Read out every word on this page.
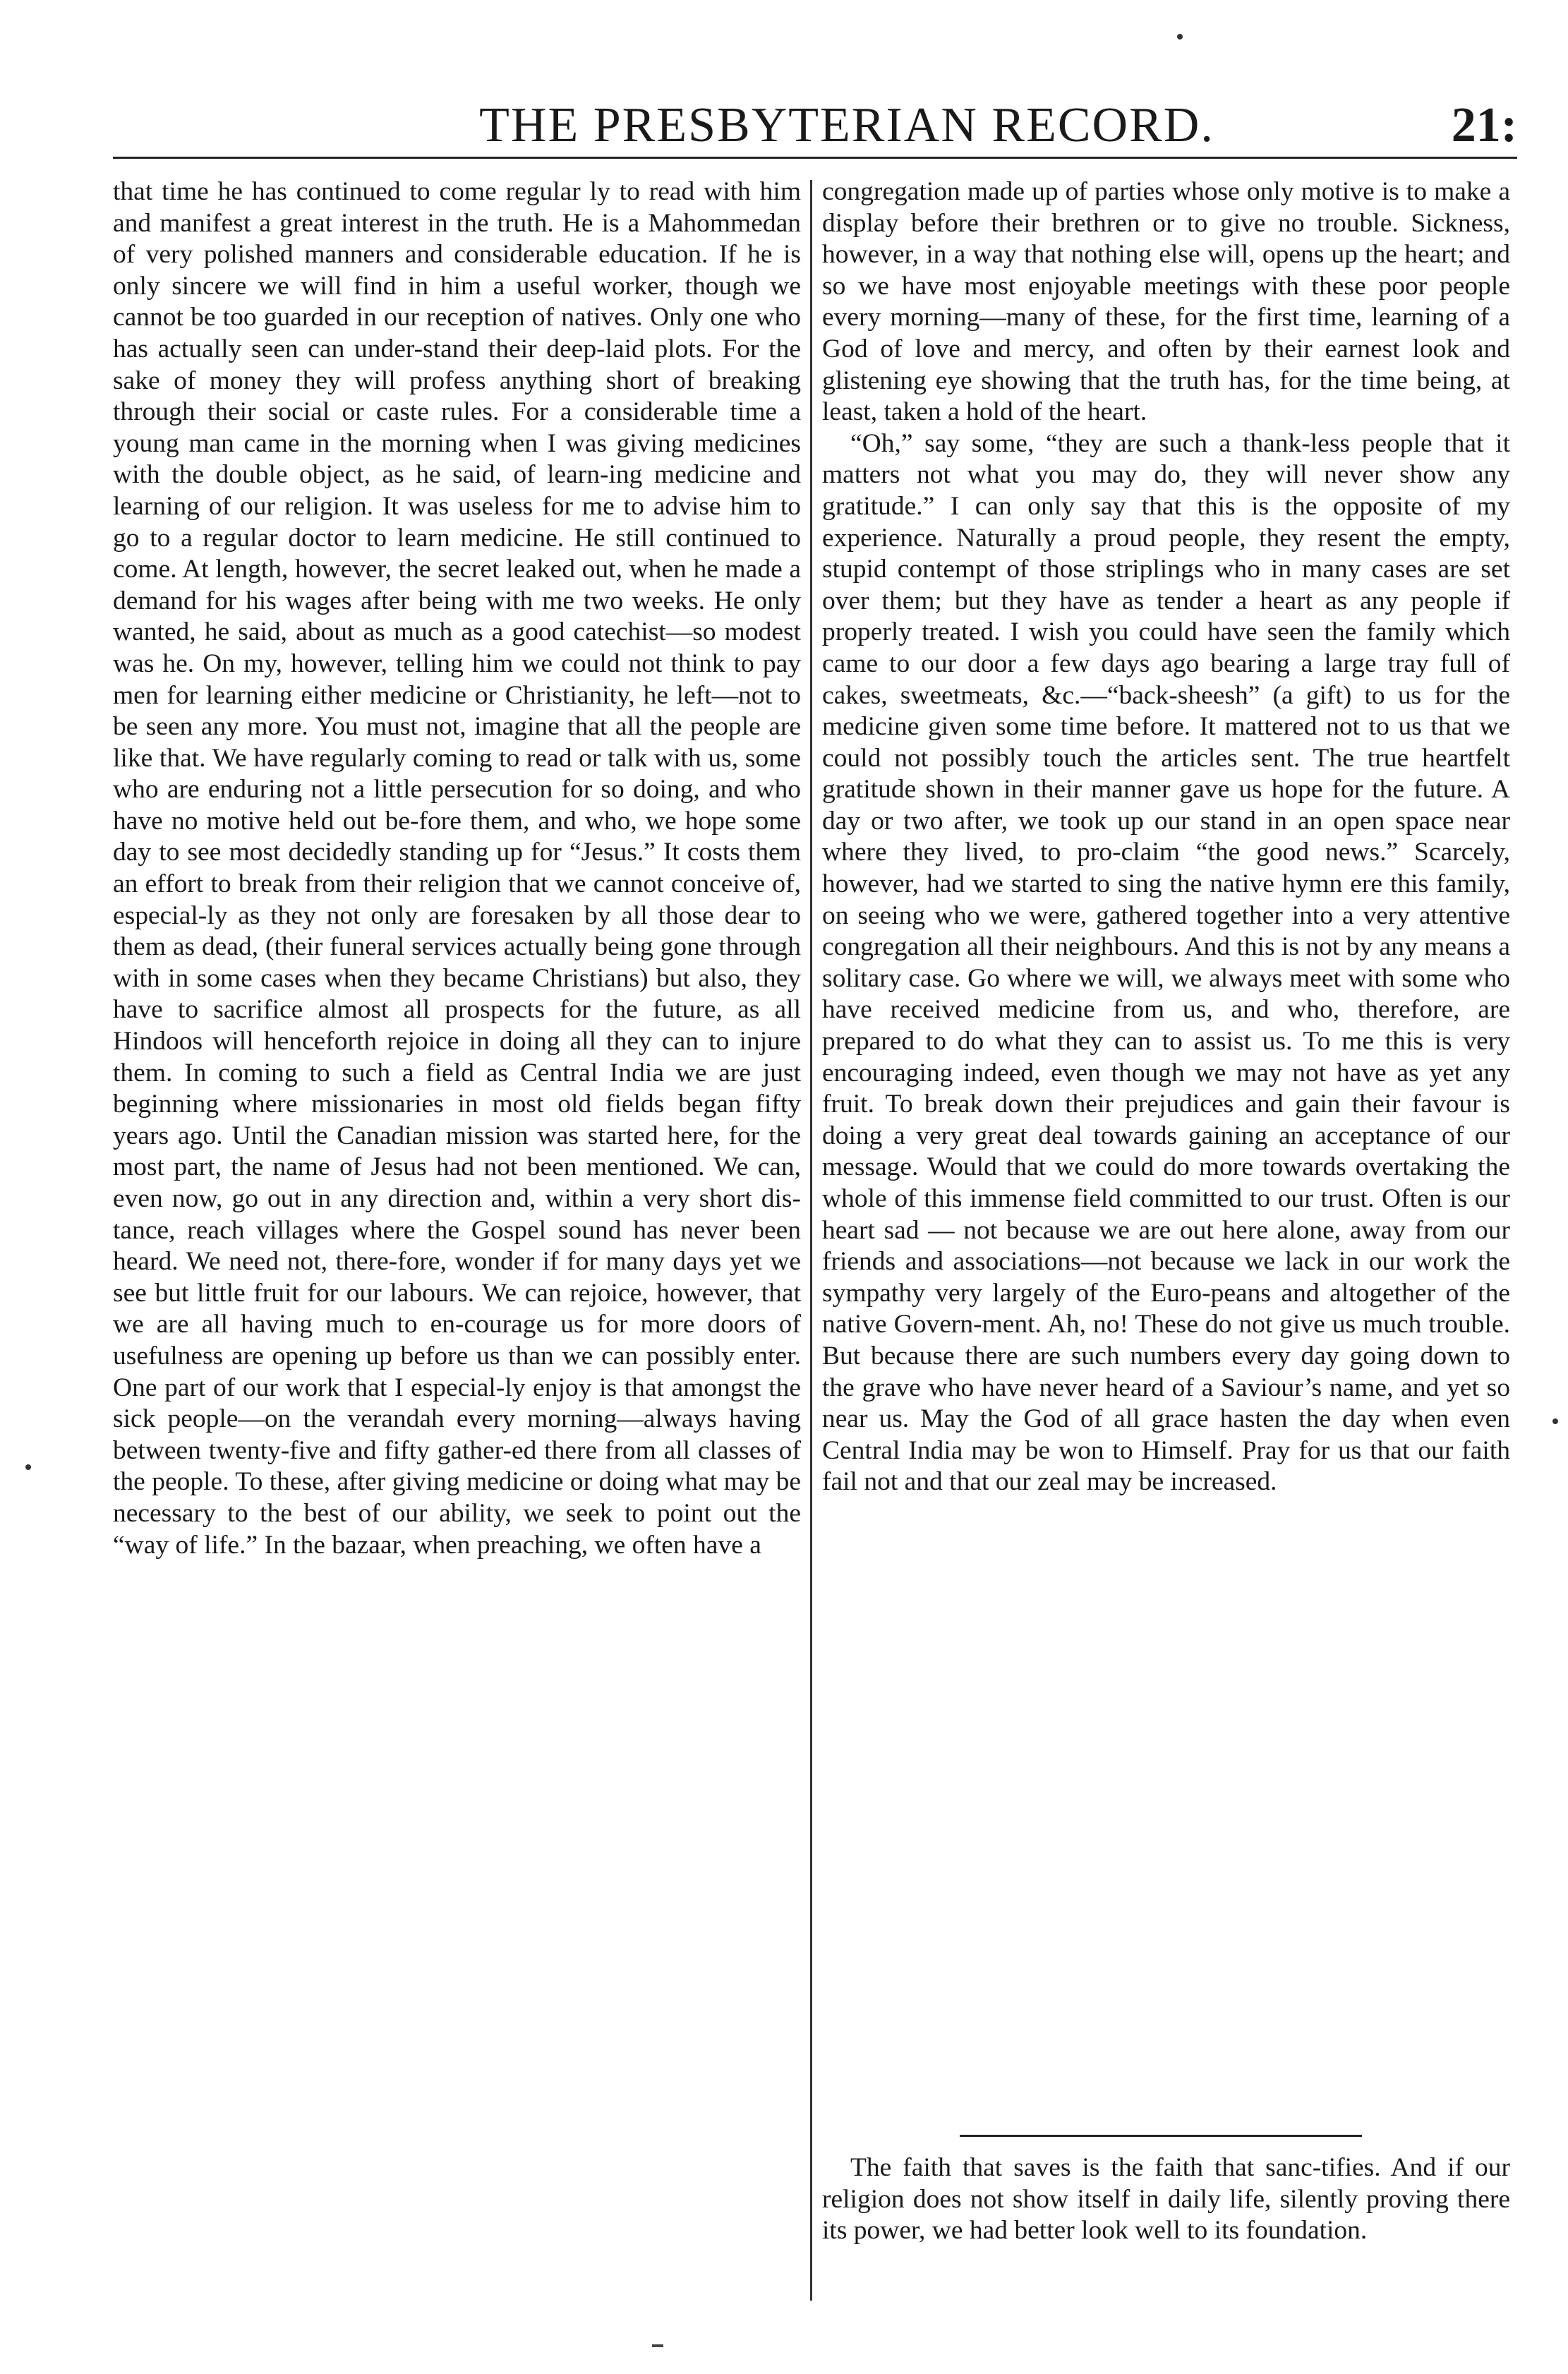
THE PRESBYTERIAN RECORD.	21:

that time he has continued to come regular ly to read with him and manifest a great interest in the truth. He is a Mahommedan of very polished manners and considerable education. If he is only sincere we will find in him a useful worker, though we cannot be too guarded in our reception of natives. Only one who has actually seen can under-stand their deep-laid plots. For the sake of money they will profess anything short of breaking through their social or caste rules. For a considerable time a young man came in the morning when I was giving medicines with the double object, as he said, of learn-ing medicine and learning of our religion. It was useless for me to advise him to go to a regular doctor to learn medicine. He still continued to come. At length, however, the secret leaked out, when he made a demand for his wages after being with me two weeks. He only wanted, he said, about as much as a good catechist—so modest was he. On my, however, telling him we could not think to pay men for learning either medicine or Christianity, he left—not to be seen any more. You must not, imagine that all the people are like that. We have regularly coming to read or talk with us, some who are enduring not a little persecution for so doing, and who have no motive held out be-fore them, and who, we hope some day to see most decidedly standing up for “Jesus.” It costs them an effort to break from their religion that we cannot conceive of, especial-ly as they not only are foresaken by all those dear to them as dead, (their funeral services actually being gone through with in some cases when they became Christians) but also, they have to sacrifice almost all prospects for the future, as all Hindoos will henceforth rejoice in doing all they can to injure them. In coming to such a field as Central India we are just beginning where missionaries in most old fields began fifty years ago. Until the Canadian mission was started here, for the most part, the name of Jesus had not been mentioned. We can, even now, go out in any direction and, within a very short dis-tance, reach villages where the Gospel sound has never been heard. We need not, there-fore, wonder if for many days yet we see but little fruit for our labours. We can rejoice, however, that we are all having much to en-courage us for more doors of usefulness are opening up before us than we can possibly enter. One part of our work that I especial-ly enjoy is that amongst the sick people—on the verandah every morning—always having between twenty-five and fifty gather-ed there from all classes of the people. To these, after giving medicine or doing what may be necessary to the best of our ability, we seek to point out the “way of life.” In the bazaar, when preaching, we often have a

congregation made up of parties whose only motive is to make a display before their brethren or to give no trouble. Sickness, however, in a way that nothing else will, opens up the heart; and so we have most enjoyable meetings with these poor people every morning—many of these, for the first time, learning of a God of love and mercy, and often by their earnest look and glistening eye showing that the truth has, for the time being, at least, taken a hold of the heart.

“Oh,” say some, “they are such a thank-less people that it matters not what you may do, they will never show any gratitude.” I can only say that this is the opposite of my experience. Naturally a proud people, they resent the empty, stupid contempt of those striplings who in many cases are set over them; but they have as tender a heart as any people if properly treated. I wish you could have seen the family which came to our door a few days ago bearing a large tray full of cakes, sweetmeats, &c.—“back-sheesh” (a gift) to us for the medicine given some time before. It mattered not to us that we could not possibly touch the articles sent. The true heartfelt gratitude shown in their manner gave us hope for the future. A day or two after, we took up our stand in an open space near where they lived, to pro-claim “the good news.” Scarcely, however, had we started to sing the native hymn ere this family, on seeing who we were, gathered together into a very attentive congregation all their neighbours. And this is not by any means a solitary case. Go where we will, we always meet with some who have received medicine from us, and who, therefore, are prepared to do what they can to assist us. To me this is very encouraging indeed, even though we may not have as yet any fruit. To break down their prejudices and gain their favour is doing a very great deal towards gaining an acceptance of our message. Would that we could do more towards overtaking the whole of this immense field committed to our trust. Often is our heart sad — not because we are out here alone, away from our friends and associations—not because we lack in our work the sympathy very largely of the Euro-peans and altogether of the native Govern-ment. Ah, no! These do not give us much trouble. But because there are such numbers every day going down to the grave who have never heard of a Saviour’s name, and yet so near us. May the God of all grace hasten the day when even Central India may be won to Himself. Pray for us that our faith fail not and that our zeal may be increased.

The faith that saves is the faith that sanc-tifies. And if our religion does not show itself in daily life, silently proving there its power, we had better look well to its foundation.
